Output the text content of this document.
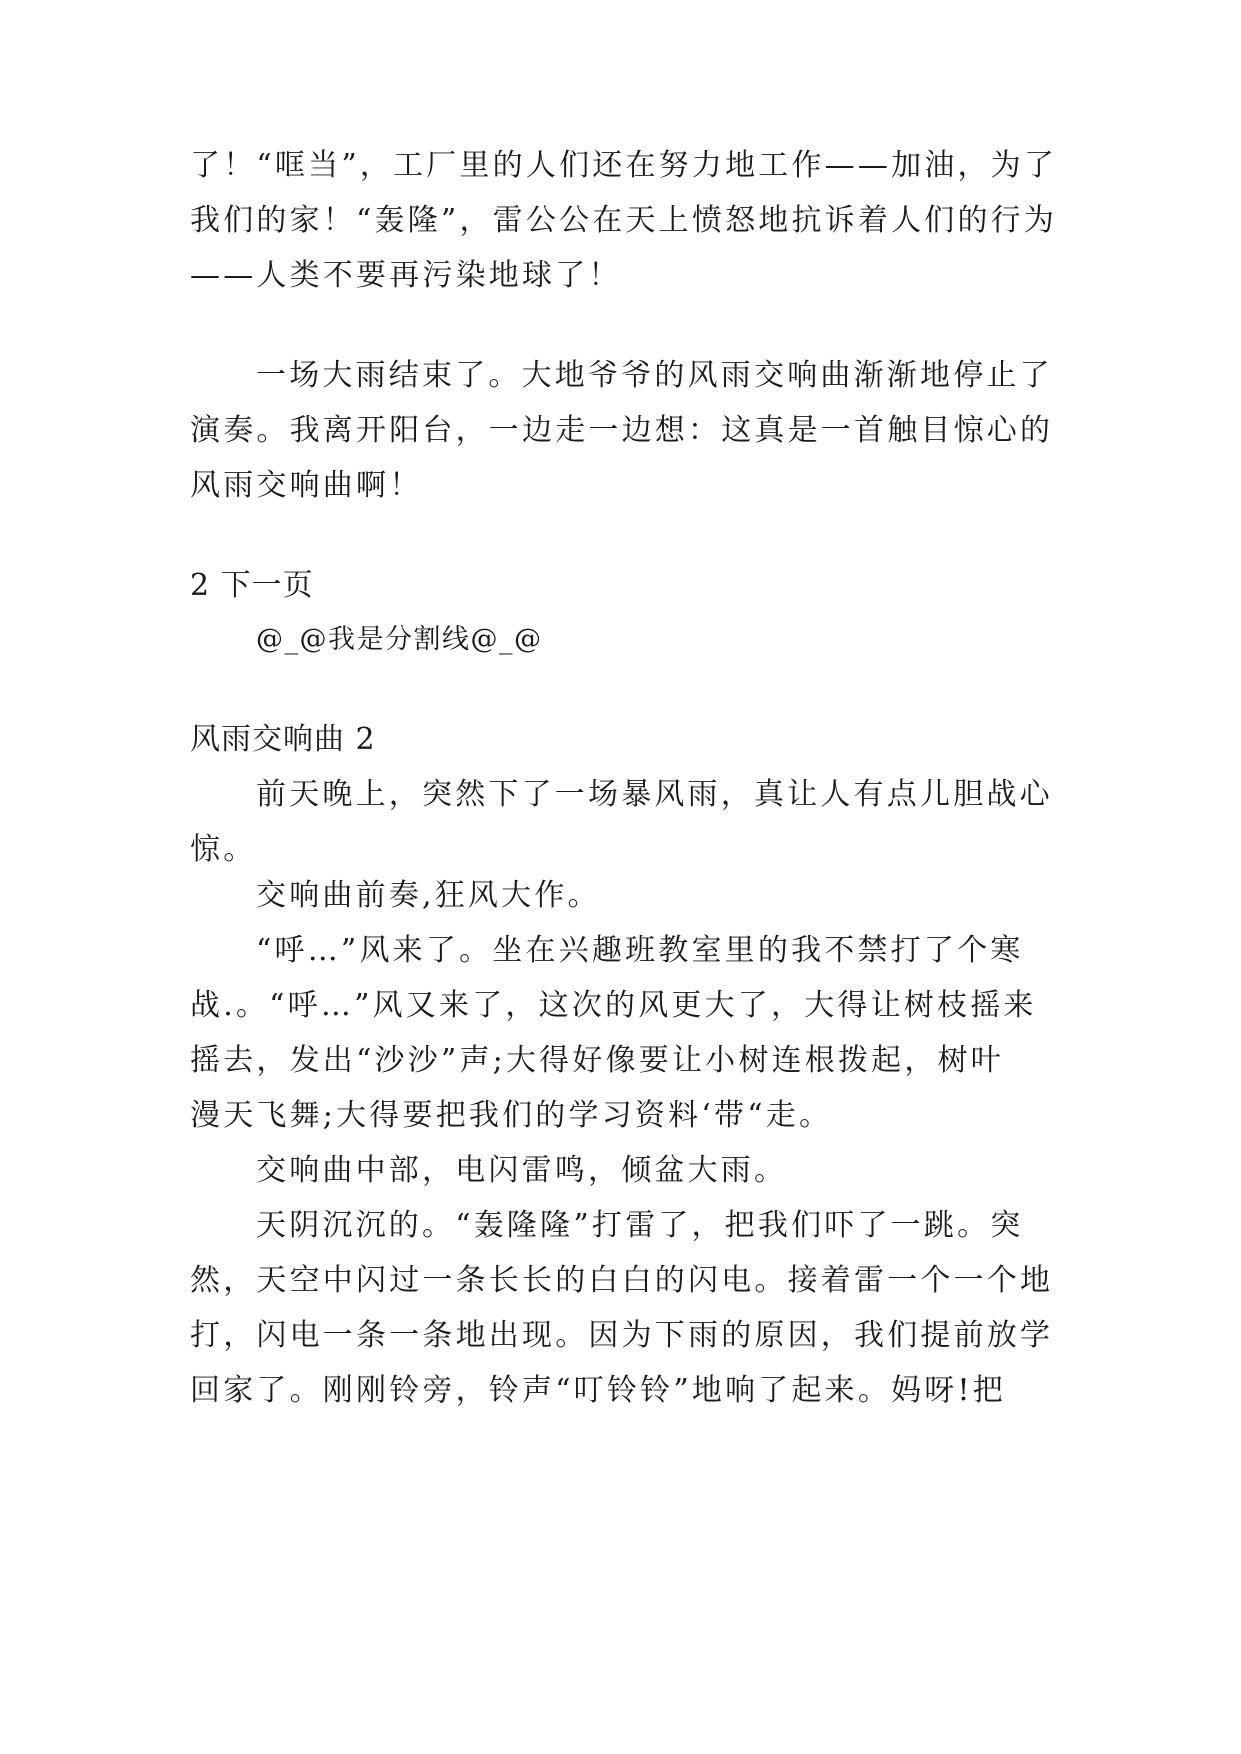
了！“哐当”，工厂里的人们还在努力地工作——加油，为了
我们的家！“轰隆”，雷公公在天上愤怒地抗诉着人们的行为
——人类不要再污染地球了！
一场大雨结束了。大地爷爷的风雨交响曲渐渐地停止了
演奏。我离开阳台，一边走一边想：这真是一首触目惊心的
风雨交响曲啊！
2 下一页
@_@我是分割线@_@
风雨交响曲 2
前天晚上，突然下了一场暴风雨，真让人有点儿胆战心
惊。
交响曲前奏,狂风大作。
“呼…”风来了。坐在兴趣班教室里的我不禁打了个寒
战.。“呼…”风又来了，这次的风更大了，大得让树枝摇来
摇去，发出“沙沙”声;大得好像要让小树连根拨起，树叶
漫天飞舞;大得要把我们的学习资料‘带“走。
交响曲中部，电闪雷鸣，倾盆大雨。
天阴沉沉的。“轰隆隆”打雷了，把我们吓了一跳。突
然，天空中闪过一条长长的白白的闪电。接着雷一个一个地
打，闪电一条一条地出现。因为下雨的原因，我们提前放学
回家了。刚刚铃旁，铃声“叮铃铃”地响了起来。妈呀!把
